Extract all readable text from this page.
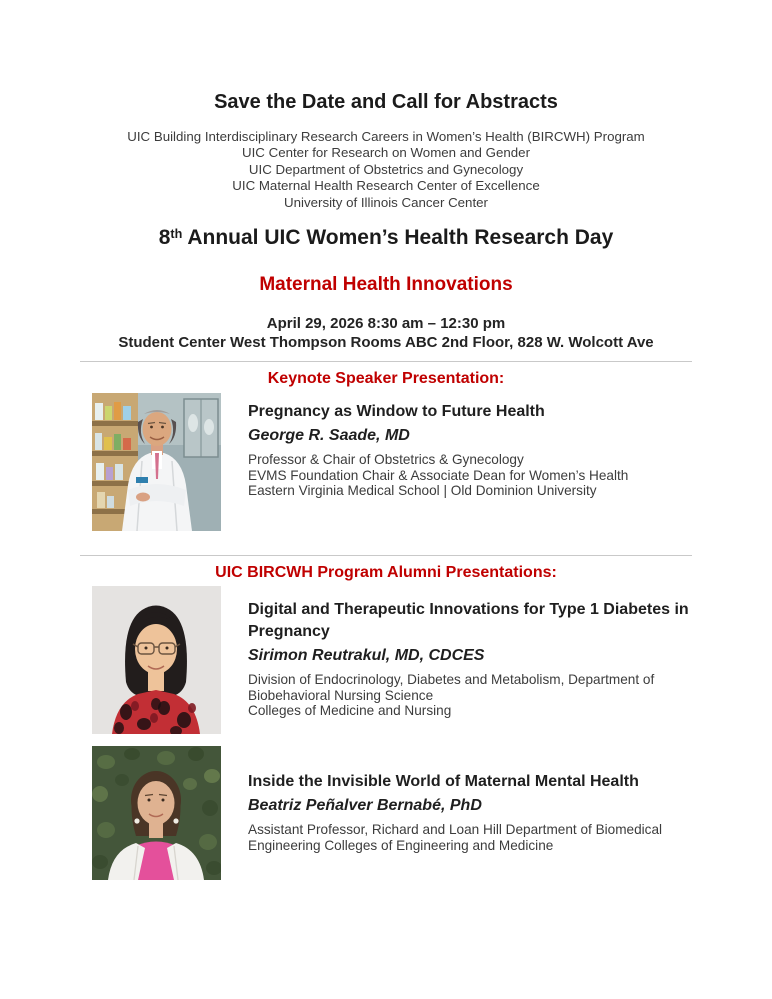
Save the Date and Call for Abstracts
UIC Building Interdisciplinary Research Careers in Women’s Health (BIRCWH) Program
UIC Center for Research on Women and Gender
UIC Department of Obstetrics and Gynecology
UIC Maternal Health Research Center of Excellence
University of Illinois Cancer Center
8th Annual UIC Women’s Health Research Day
Maternal Health Innovations
April 29, 2026 8:30 am – 12:30 pm
Student Center West Thompson Rooms ABC 2nd Floor, 828 W. Wolcott Ave
Keynote Speaker Presentation:
Pregnancy as Window to Future Health
George R. Saade, MD
Professor & Chair of Obstetrics & Gynecology
EVMS Foundation Chair & Associate Dean for Women’s Health
Eastern Virginia Medical School | Old Dominion University
UIC BIRCWH Program Alumni Presentations:
Digital and Therapeutic Innovations for Type 1 Diabetes in Pregnancy
Sirimon Reutrakul, MD, CDCES
Division of Endocrinology, Diabetes and Metabolism, Department of Biobehavioral Nursing Science
Colleges of Medicine and Nursing
Inside the Invisible World of Maternal Mental Health
Beatriz Peñalver Bernabé, PhD
Assistant Professor, Richard and Loan Hill Department of Biomedical Engineering Colleges of Engineering and Medicine
